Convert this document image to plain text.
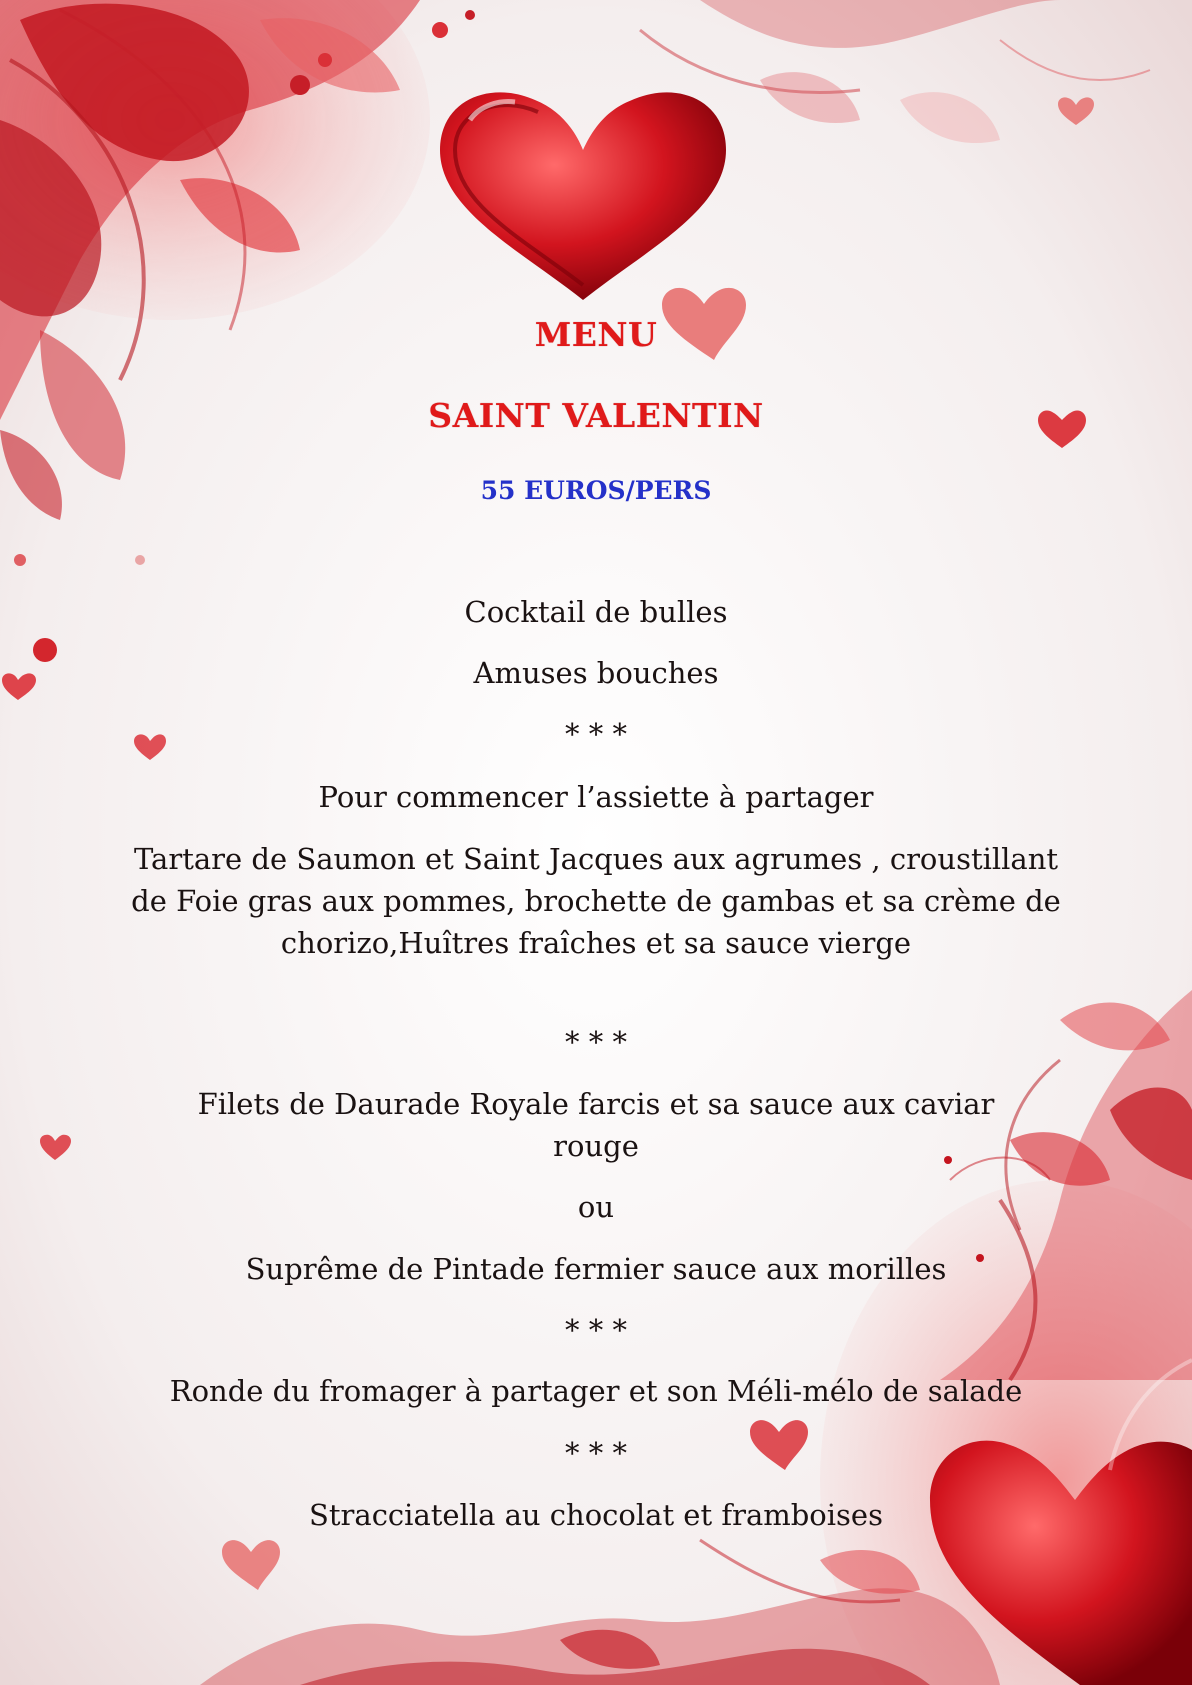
MENU

SAINT VALENTIN

55 EUROS/PERS

Cocktail de bulles

Amuses bouches

* * *

Pour commencer l’assiette à partager

Tartare de Saumon et Saint Jacques aux agrumes , croustillant de Foie gras aux pommes, brochette de gambas et sa crème de chorizo,Huîtres fraîches et sa sauce vierge

* * *

Filets de Daurade Royale farcis et sa sauce aux caviar rouge

ou

Suprême de Pintade fermier sauce aux morilles

* * *

Ronde du fromager à partager et son Méli-mélo de salade

* * *

Stracciatella au chocolat et framboises
